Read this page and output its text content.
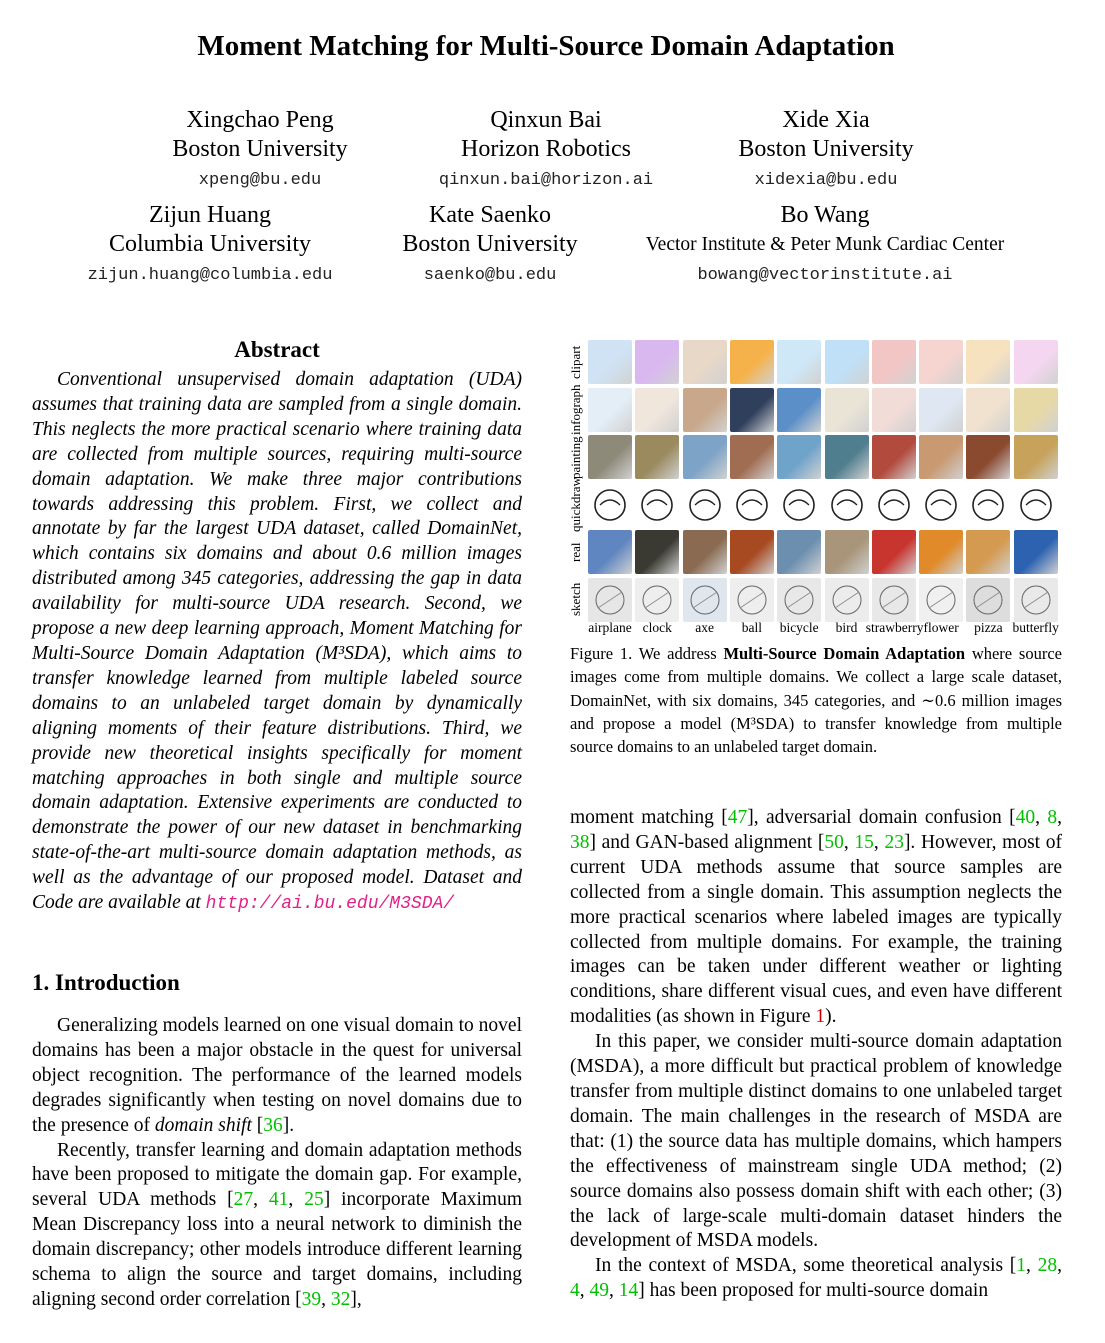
Moment Matching for Multi-Source Domain Adaptation
Xingchao Peng
Boston University
xpeng@bu.edu
Qinxun Bai
Horizon Robotics
qinxun.bai@horizon.ai
Xide Xia
Boston University
xidexia@bu.edu
Zijun Huang
Columbia University
zijun.huang@columbia.edu
Kate Saenko
Boston University
saenko@bu.edu
Bo Wang
Vector Institute & Peter Munk Cardiac Center
bowang@vectorinstitute.ai
Abstract

Conventional unsupervised domain adaptation (UDA) assumes that training data are sampled from a single domain. This neglects the more practical scenario where training data are collected from multiple sources, requiring multi-source domain adaptation. We make three major contributions towards addressing this problem. First, we collect and annotate by far the largest UDA dataset, called DomainNet, which contains six domains and about 0.6 million images distributed among 345 categories, addressing the gap in data availability for multi-source UDA research. Second, we propose a new deep learning approach, Moment Matching for Multi-Source Domain Adaptation (M³SDA), which aims to transfer knowledge learned from multiple labeled source domains to an unlabeled target domain by dynamically aligning moments of their feature distributions. Third, we provide new theoretical insights specifically for moment matching approaches in both single and multiple source domain adaptation. Extensive experiments are conducted to demonstrate the power of our new dataset in benchmarking state-of-the-art multi-source domain adaptation methods, as well as the advantage of our proposed model. Dataset and Code are available at http://ai.bu.edu/M3SDA/

1. Introduction

Generalizing models learned on one visual domain to novel domains has been a major obstacle in the quest for universal object recognition. The performance of the learned models degrades significantly when testing on novel domains due to the presence of domain shift [36].

Recently, transfer learning and domain adaptation methods have been proposed to mitigate the domain gap. For example, several UDA methods [27, 41, 25] incorporate Maximum Mean Discrepancy loss into a neural network to diminish the domain discrepancy; other models introduce different learning schema to align the source and target domains, including aligning second order correlation [39, 32],

clipart
infograph
painting
quickdraw
real
sketch
airplane clock	axe	ball	bicycle	bird strawberry flower	pizza butterfly
Figure 1. We address Multi-Source Domain Adaptation where source images come from multiple domains. We collect a large scale dataset, DomainNet, with six domains, 345 categories, and ∼0.6 million images and propose a model (M³SDA) to transfer knowledge from multiple source domains to an unlabeled target domain.

moment matching [47], adversarial domain confusion [40, 8, 38] and GAN-based alignment [50, 15, 23]. However, most of current UDA methods assume that source samples are collected from a single domain. This assumption neglects the more practical scenarios where labeled images are typically collected from multiple domains. For example, the training images can be taken under different weather or lighting conditions, share different visual cues, and even have different modalities (as shown in Figure 1).

In this paper, we consider multi-source domain adaptation (MSDA), a more difficult but practical problem of knowledge transfer from multiple distinct domains to one unlabeled target domain. The main challenges in the research of MSDA are that: (1) the source data has multiple domains, which hampers the effectiveness of mainstream single UDA method; (2) source domains also possess domain shift with each other; (3) the lack of large-scale multi-domain dataset hinders the development of MSDA models.

In the context of MSDA, some theoretical analysis [1, 28, 4, 49, 14] has been proposed for multi-source domain
